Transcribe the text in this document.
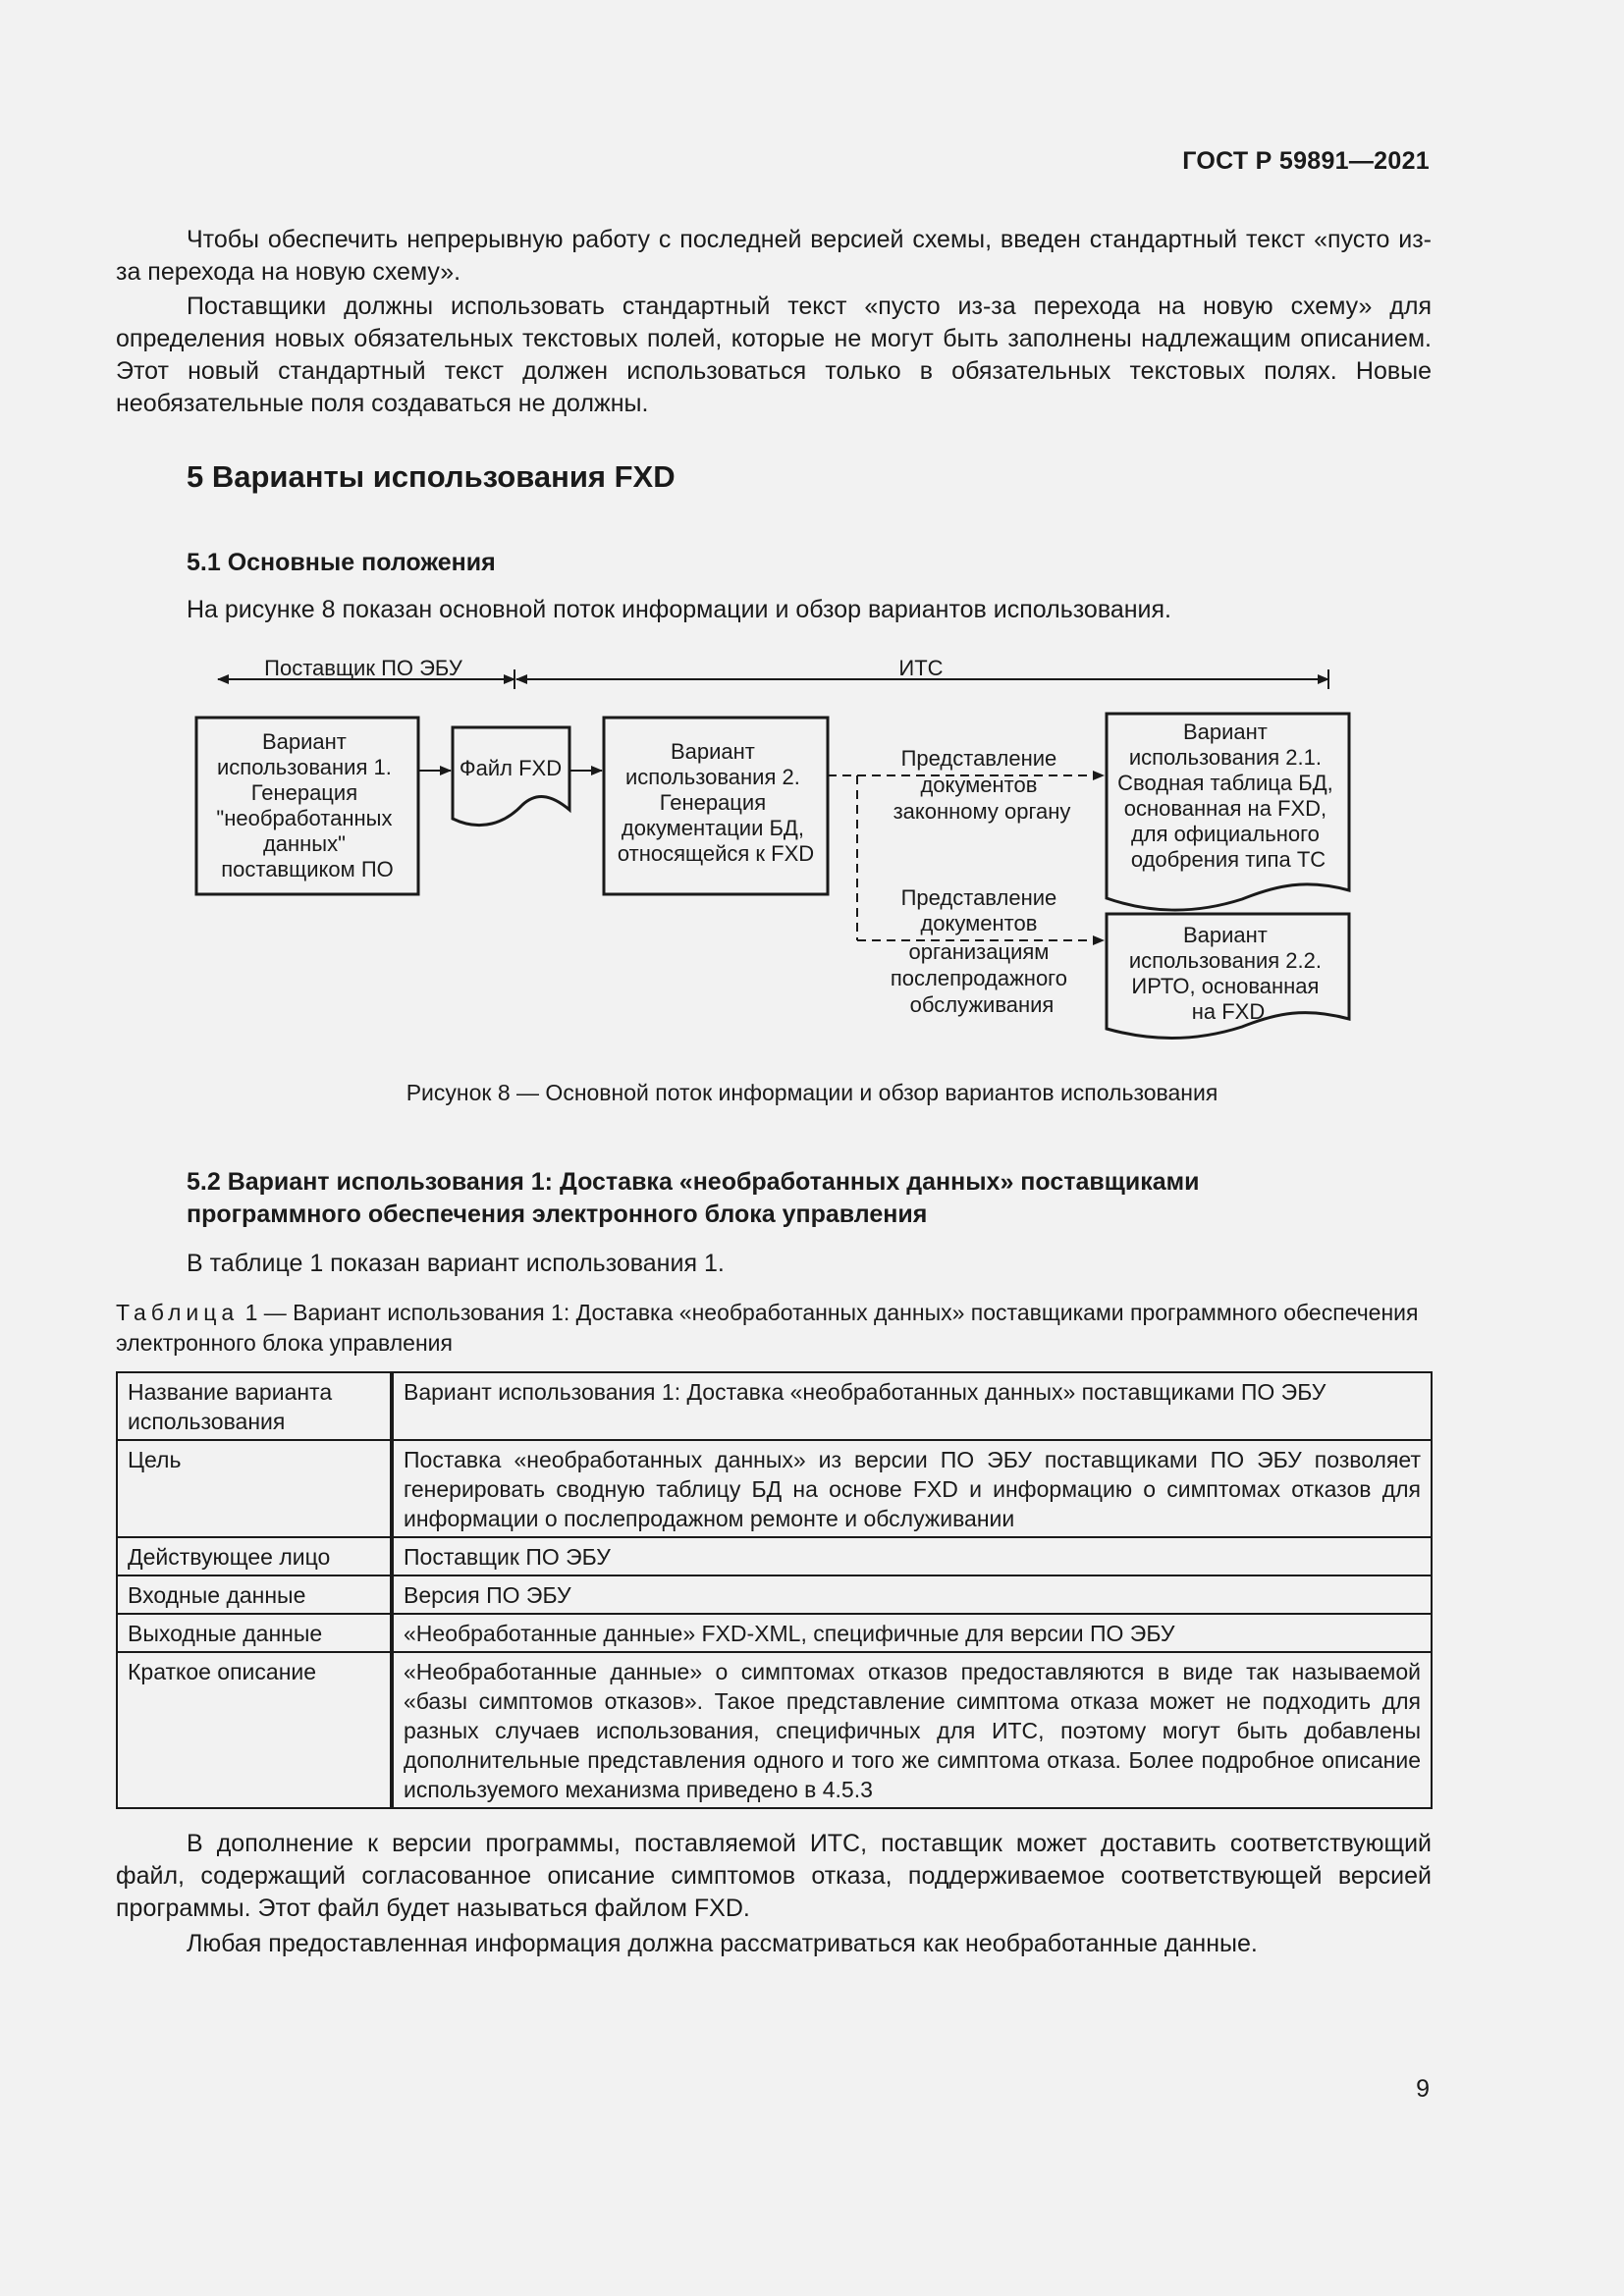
ГОСТ Р 59891—2021

Чтобы обеспечить непрерывную работу с последней версией схемы, введен стандартный текст «пусто из-за перехода на новую схему».

Поставщики должны использовать стандартный текст «пусто из-за перехода на новую схему» для определения новых обязательных текстовых полей, которые не могут быть заполнены надлежащим описанием. Этот новый стандартный текст должен использоваться только в обязательных текстовых полях. Новые необязательные поля создаваться не должны.

5 Варианты использования FXD
5.1 Основные положения

На рисунке 8 показан основной поток информации и обзор вариантов использования.

Поставщик ПО ЭБУ	ИТС
Вариант использования 1. Генерация "необработанных данных" поставщиком ПО
Файл FXD
Вариант использования 2. Генерация документации БД, относящейся к FXD
Представление документов законному органу
Представление документов организациям послепродажного обслуживания
Вариант использования 2.1. Сводная таблица БД, основанная на FXD, для официального одобрения типа ТС
Вариант использования 2.2. ИРТО, основанная на FXD
Рисунок 8 — Основной поток информации и обзор вариантов использования
5.2 Вариант использования 1: Доставка «необработанных данных» поставщиками
программного обеспечения электронного блока управления

В таблице 1 показан вариант использования 1.

Таблица 1 — Вариант использования 1: Доставка «необработанных данных» поставщиками программного обеспечения электронного блока управления

Название варианта использования	Вариант использования 1: Доставка «необработанных данных» поставщиками ПО ЭБУ
Цель	Поставка «необработанных данных» из версии ПО ЭБУ поставщиками ПО ЭБУ позволяет генерировать сводную таблицу БД на основе FXD и информацию о симптомах отказов для информации о послепродажном ремонте и обслуживании
Действующее лицо	Поставщик ПО ЭБУ
Входные данные	Версия ПО ЭБУ
Выходные данные	«Необработанные данные» FXD-XML, специфичные для версии ПО ЭБУ
Краткое описание	«Необработанные данные» о симптомах отказов предоставляются в виде так называемой «базы симптомов отказов». Такое представление симптома отказа может не подходить для разных случаев использования, специфичных для ИТС, поэтому могут быть добавлены дополнительные представления одного и того же симптома отказа. Более подробное описание используемого механизма приведено в 4.5.3

В дополнение к версии программы, поставляемой ИТС, поставщик может доставить соответствующий файл, содержащий согласованное описание симптомов отказа, поддерживаемое соответствующей версией программы. Этот файл будет называться файлом FXD.

Любая предоставленная информация должна рассматриваться как необработанные данные.

9
